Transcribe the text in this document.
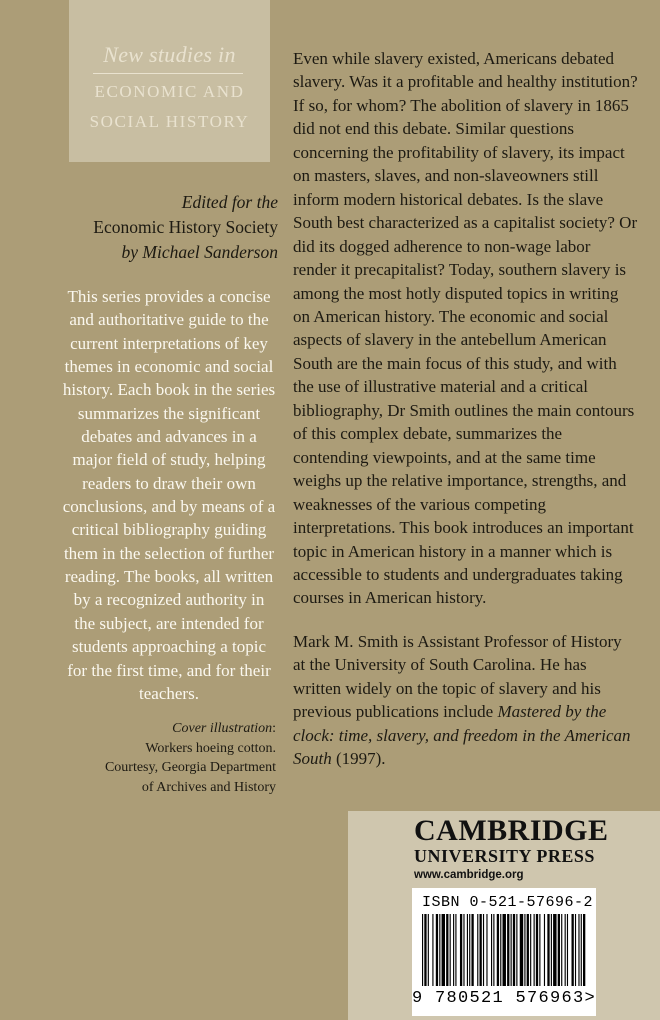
New studies in
ECONOMIC AND
SOCIAL HISTORY
Edited for the
Economic History Society
by Michael Sanderson
This series provides a concise and authoritative guide to the current interpretations of key themes in economic and social history. Each book in the series summarizes the significant debates and advances in a major field of study, helping readers to draw their own conclusions, and by means of a critical bibliography guiding them in the selection of further reading. The books, all written by a recognized authority in the subject, are intended for students approaching a topic for the first time, and for their teachers.
Cover illustration:
Workers hoeing cotton.
Courtesy, Georgia Department
of Archives and History

Even while slavery existed, Americans debated slavery. Was it a profitable and healthy institution? If so, for whom? The abolition of slavery in 1865 did not end this debate. Similar questions concerning the profitability of slavery, its impact on masters, slaves, and non-slaveowners still inform modern historical debates. Is the slave South best characterized as a capitalist society? Or did its dogged adherence to non-wage labor render it precapitalist? Today, southern slavery is among the most hotly disputed topics in writing on American history. The economic and social aspects of slavery in the antebellum American South are the main focus of this study, and with the use of illustrative material and a critical bibliography, Dr Smith outlines the main contours of this complex debate, summarizes the contending viewpoints, and at the same time weighs up the relative importance, strengths, and weaknesses of the various competing interpretations. This book introduces an important topic in American history in a manner which is accessible to students and undergraduates taking courses in American history.

Mark M. Smith is Assistant Professor of History at the University of South Carolina. He has written widely on the topic of slavery and his previous publications include Mastered by the clock: time, slavery, and freedom in the American South (1997).

CAMBRIDGE
UNIVERSITY PRESS
www.cambridge.org
ISBN 0-521-57696-2
9 780521 576963>
